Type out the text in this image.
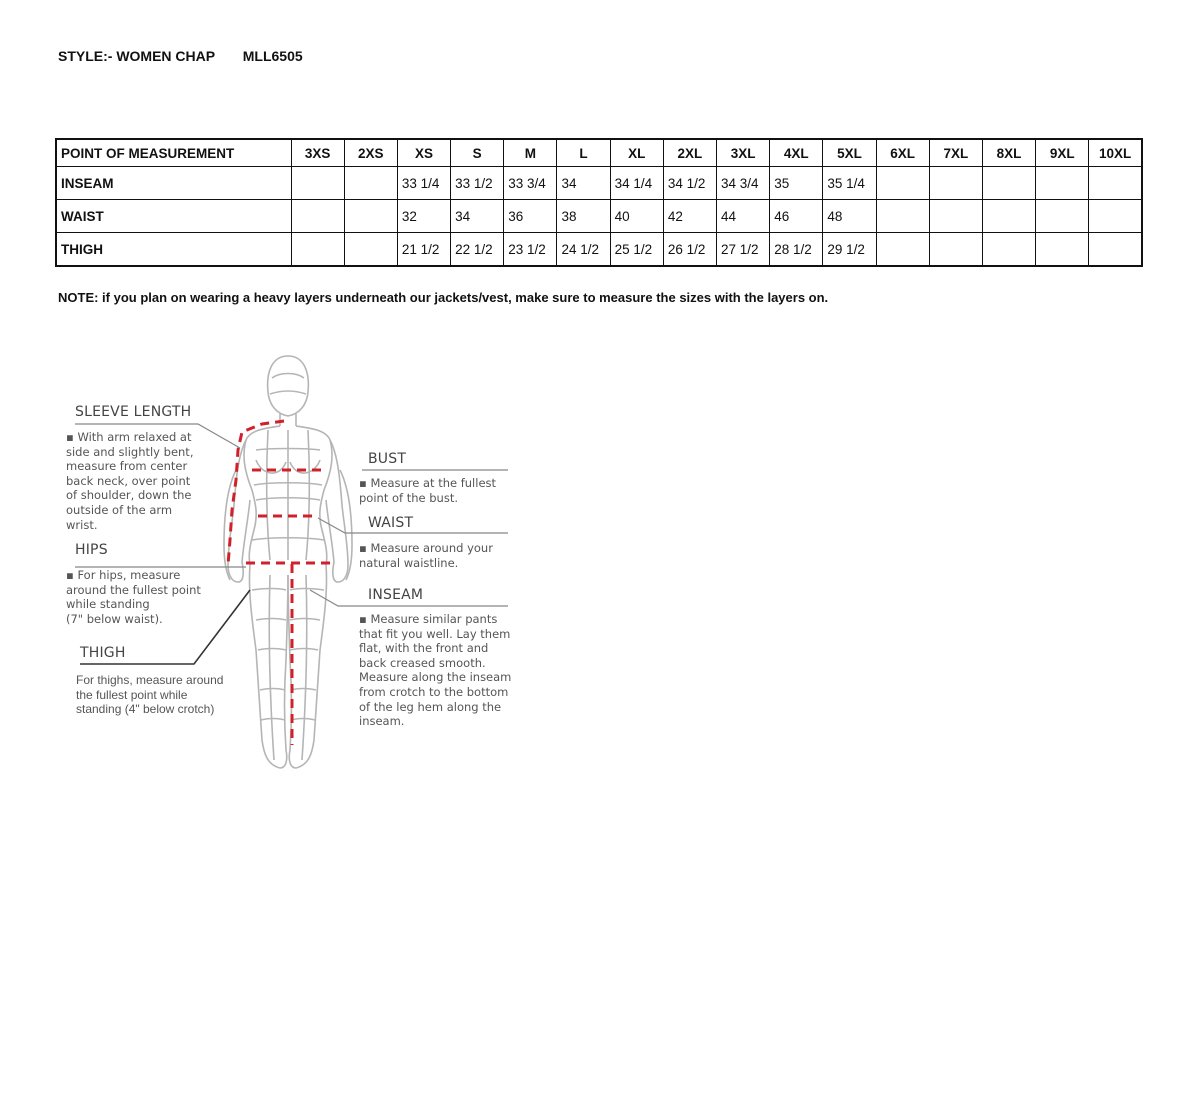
STYLE:- WOMEN CHAP MLL6505
POINT OF MEASUREMENT	3XS	2XS	XS	S	M	L	XL	2XL	3XL	4XL	5XL	6XL	7XL	8XL	9XL	10XL
INSEAM			33 1/4	33 1/2	33 3/4	34	34 1/4	34 1/2	34 3/4	35	35 1/4					
WAIST			32	34	36	38	40	42	44	46	48					
THIGH			21 1/2	22 1/2	23 1/2	24 1/2	25 1/2	26 1/2	27 1/2	28 1/2	29 1/2					
NOTE: if you plan on wearing a heavy layers underneath our jackets/vest, make sure to measure the sizes with the layers on.
SLEEVE LENGTH
▪ With arm relaxed at
side and slightly bent,
measure from center
back neck, over point
of shoulder, down the
outside of the arm
wrist.
HIPS
▪ For hips, measure
around the fullest point
while standing
(7" below waist).
THIGH
For thighs, measure around
the fullest point while
standing (4" below crotch)
BUST
▪ Measure at the fullest
point of the bust.
WAIST
▪ Measure around your
natural waistline.
INSEAM
▪ Measure similar pants
that fit you well. Lay them
flat, with the front and
back creased smooth.
Measure along the inseam
from crotch to the bottom
of the leg hem along the
inseam.
